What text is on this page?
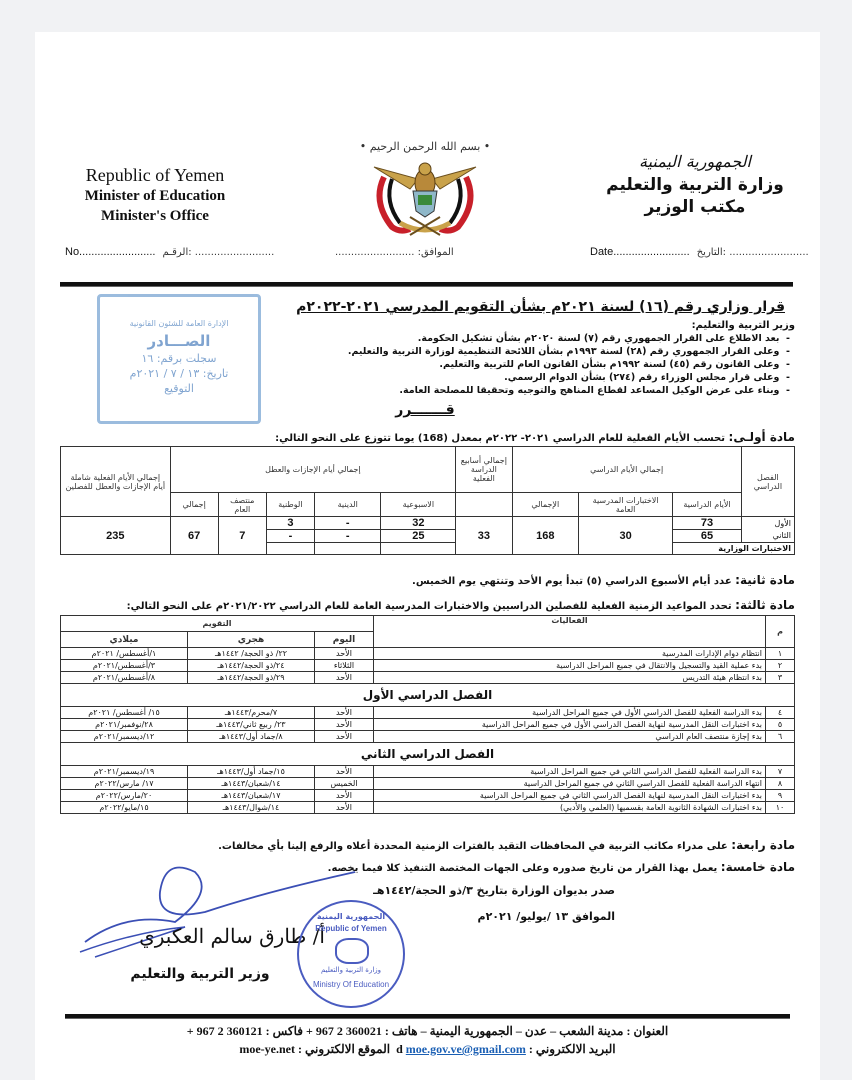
Republic of Yemen
Minister of Education
Minister's Office
• بسم الله الرحمن الرحيم •
الجمهورية اليمنية
وزارة التربية والتعليم
مكتب الوزير
No......................... الرقـم: .........................	الموافق: .........................	Date......................... التاريخ: .........................
الإدارة العامة للشئون القانونية
الصـــادر
سجلت برقم: ١٦
تاريخ: ١٣ / ٧ / ٢٠٢١م
التوقيع
قرار وزاري رقم (١٦) لسنة ٢٠٢١م بشأن التقويم المدرسي ٢٠٢١-٢٠٢٢م
وزير التربية والتعليم:
-  بعد الاطلاع على القرار الجمهوري رقم (٧) لسنة ٢٠٢٠م بشأن تشكيل الحكومة.
-  وعلى القرار الجمهوري رقم (٢٨) لسنة ١٩٩٣م بشأن اللائحة التنظيمية لوزارة التربية والتعليم.
-  وعلى القانون رقم (٤٥) لسنة ١٩٩٢م بشأن القانون العام للتربية والتعليم.
-  وعلى قرار مجلس الوزراء رقم (٢٧٤) بشأن الدوام الرسمي.
-  وبناء على عرض الوكيل المساعد لقطاع المناهج والتوجيه وتحقيقا للمصلحة العامة.
قـــــــرر
مادة أولـى: تحسب الأيام الفعلية للعام الدراسي ٢٠٢١- ٢٠٢٢م بمعدل (168) يوما تتوزع على النحو التالي:
الفصل الدراسي	إجمالي الأيام الدراسي			إجمالي أسابيع الدراسة الفعلية	إجمالي أيام الإجازات والعطل					إجمالي الأيام الفعلية شاملة أيام الإجازات والعطل للفصلين
	الأيام الدراسية	الاختبارات المدرسية العامة	الإجمالي		الاسبوعية	الدينية	الوطنية	منتصف العام	إجمالي	
الأول	73	30	168	33	32	-	3	7	67	235
الثاني	65				25	-	-			
الاختبارات الوزارية										
مادة ثانية: عدد أيام الأسبوع الدراسي (٥) تبدأ يوم الأحد وتنتهي يوم الخميس.
مادة ثالثة: تحدد المواعيد الزمنية الفعلية للفصلين الدراسيين والاختبارات المدرسية العامة للعام الدراسي ٢٠٢١/٢٠٢٢م على النحو التالي:
م	الفعاليات	التقويم		
		اليوم	هجري	ميلادي
١	انتظام دوام الإدارات المدرسية	الأحد	٢٢/ ذو الحجة/ ١٤٤٢هـ	١/أغسطس/ ٢٠٢١م
٢	بدء عملية القيد والتسجيل والانتقال في جميع المراحل الدراسية	الثلاثاء	٢٤/ذو الحجة/١٤٤٢هـ	٣/أغسطس/٢٠٢١م
٣	بدء انتظام هيئة التدريس	الأحد	٢٩/ذو الحجة/١٤٤٢هـ	٨/أغسطس/٢٠٢١م
الفصل الدراسي الأول				
٤	بدء الدراسة الفعلية للفصل الدراسي الأول في جميع المراحل الدراسية	الأحد	٧/محرم/١٤٤٣هـ	١٥/ أغسطس/ ٢٠٢١م
٥	بدء اختبارات النقل المدرسية لنهاية الفصل الدراسي الأول في جميع المراحل الدراسية	الأحد	٢٣/ ربيع ثاني/١٤٤٣هـ	٢٨/نوفمبر/٢٠٢١م
٦	بدء إجازة منتصف العام الدراسي	الأحد	٨/جماد أول/١٤٤٣هـ	١٢/ديسمبر/٢٠٢١م
الفصل الدراسي الثاني				
٧	بدء الدراسة الفعلية للفصل الدراسي الثاني في جميع المراحل الدراسية	الأحد	١٥/جماد أول/١٤٤٣هـ	١٩/ديسمبر/٢٠٢١م
٨	انتهاء الدراسة الفعلية للفصل الدراسي الثاني في جميع المراحل الدراسية	الخميس	١٤/شعبان/١٤٤٣هـ	١٧/ مارس/٢٠٢٢م
٩	بدء اختبارات النقل المدرسية لنهاية الفصل الدراسي الثاني في جميع المراحل الدراسية	الأحد	١٧/شعبان/١٤٤٣هـ	٢٠/مارس/٢٠٢٢م
١٠	بدء اختبارات الشهادة الثانوية العامة بقسميها (العلمي والأدبي)	الأحد	١٤/شوال/١٤٤٣هـ	١٥/مايو/٢٠٢٢م
مادة رابعة: على مدراء مكاتب التربية في المحافظات التقيد بالفترات الزمنية المحددة أعلاه والرفع إلينا بأي مخالفات.
مادة خامسة: يعمل بهذا القرار من تاريخ صدوره وعلى الجهات المختصة التنفيذ كلا فيما يخصه.
صدر بديوان الوزارة بتاريخ ٣/ذو الحجة/١٤٤٢هـ
الموافق ١٣ /يوليو/ ٢٠٢١م
أ/ طارق سالم العكبري
وزير التربية والتعليم
الجمهورية اليمنية
Republic of Yemen
وزارة التربية والتعليم
Ministry Of Education
العنوان : مدينة الشعب – عدن – الجمهورية اليمنية – هاتف : 360021 2 967 + فاكس : 360121 2 967 +
البريد الالكتروني : d moe.gov.ve@gmail.com  الموقع الالكتروني : moe-ye.net
